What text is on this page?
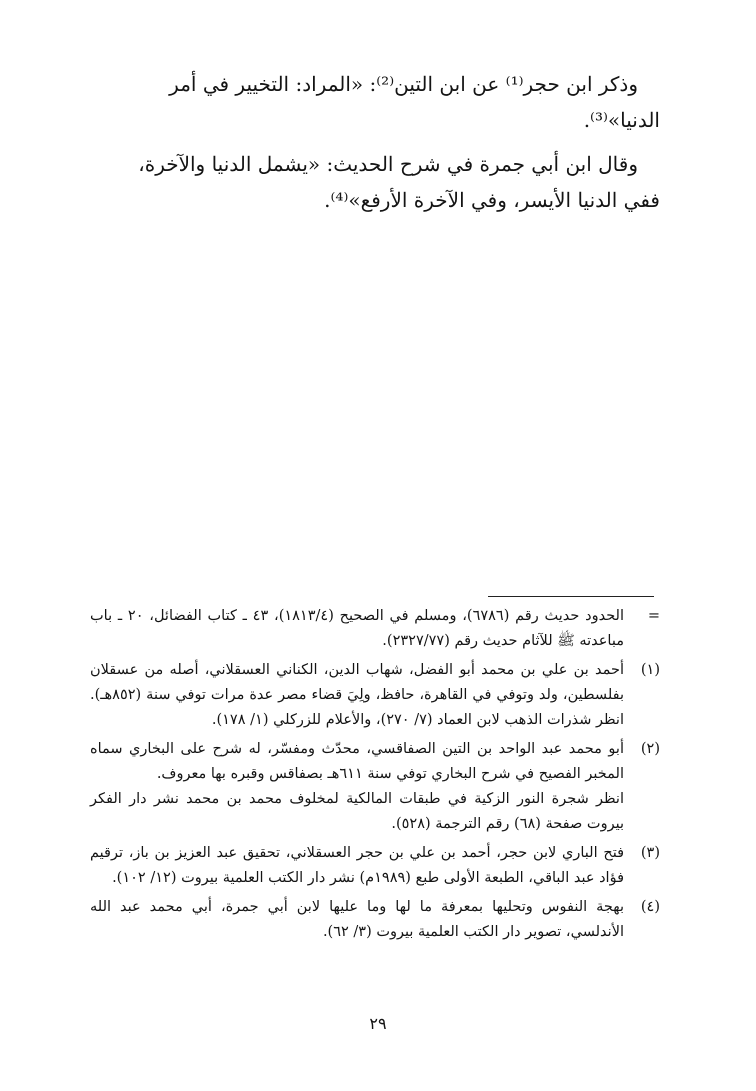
وذكر ابن حجر⁽¹⁾ عن ابن التين⁽²⁾: «المراد: التخيير في أمر الدنيا»⁽³⁾.

وقال ابن أبي جمرة في شرح الحديث: «يشمل الدنيا والآخرة، ففي الدنيا الأيسر، وفي الآخرة الأرفع»⁽⁴⁾.

=
الحدود حديث رقم (٦٧٨٦)، ومسلم في الصحيح (١٨١٣/٤)، ٤٣ ـ كتاب الفضائل، ٢٠ ـ باب مباعدته ﷺ للآثام حديث رقم (٢٣٢٧/٧٧).
(١)
أحمد بن علي بن محمد أبو الفضل، شهاب الدين، الكناني العسقلاني، أصله من عسقلان بفلسطين، ولد وتوفي في القاهرة، حافظ، ولِيَ قضاء مصر عدة مرات توفي سنة (٨٥٢هـ). انظر شذرات الذهب لابن العماد (٧/ ٢٧٠)، والأعلام للزركلي (١/ ١٧٨).
(٢)
أبو محمد عبد الواحد بن التين الصفاقسي، محدّث ومفسّر، له شرح على البخاري سماه المخبر الفصيح في شرح البخاري توفي سنة ٦١١هـ بصفاقس وقبره بها معروف.
انظر شجرة النور الزكية في طبقات المالكية لمخلوف محمد بن محمد نشر دار الفكر بيروت صفحة (٦٨) رقم الترجمة (٥٢٨).
(٣)
فتح الباري لابن حجر، أحمد بن علي بن حجر العسقلاني، تحقيق عبد العزيز بن باز، ترقيم فؤاد عبد الباقي، الطبعة الأولى طبع (١٩٨٩م) نشر دار الكتب العلمية بيروت (١٢/ ١٠٢).
(٤)
بهجة النفوس وتحليها بمعرفة ما لها وما عليها لابن أبي جمرة، أبي محمد عبد الله الأندلسي، تصوير دار الكتب العلمية بيروت (٣/ ٦٢).
٢٩
